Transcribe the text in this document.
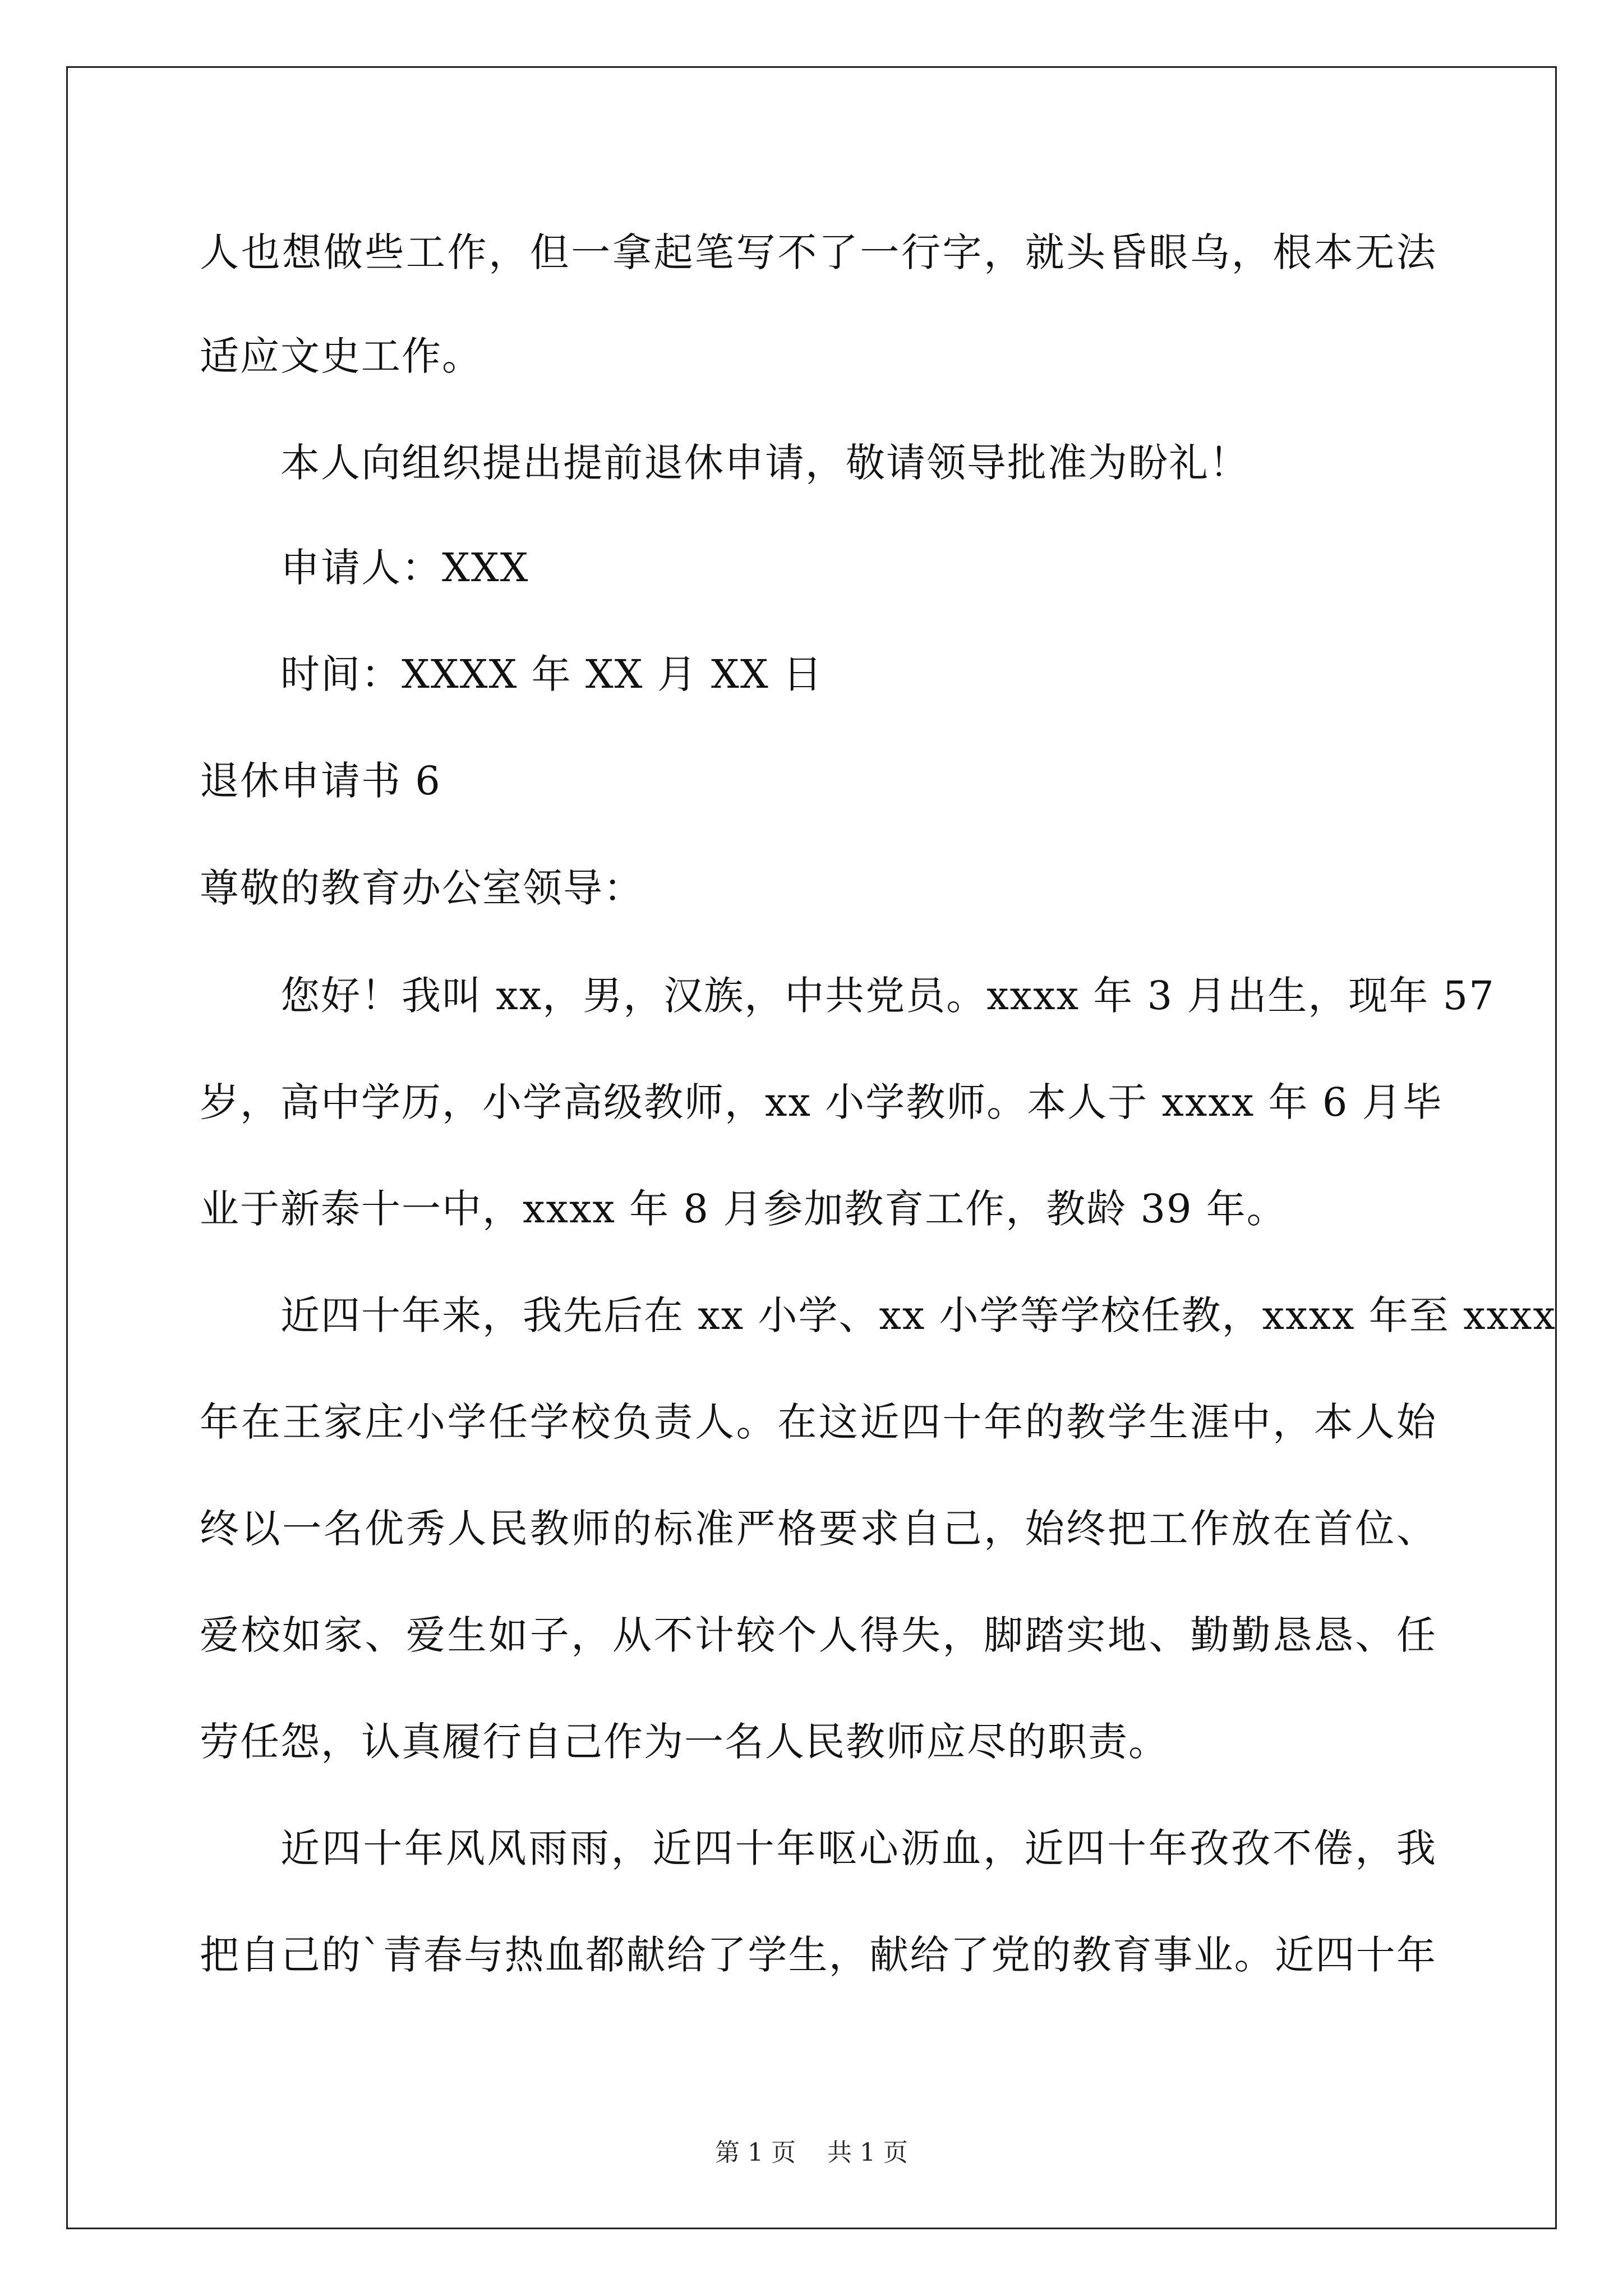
人也想做些工作，但一拿起笔写不了一行字，就头昏眼乌，根本无法
适应文史工作。
本人向组织提出提前退休申请，敬请领导批准为盼礼！
申请人：XXX
时间：XXXX 年 XX 月 XX 日
退休申请书 6
尊敬的教育办公室领导：
您好！我叫 xx，男，汉族，中共党员。xxxx 年 3 月出生，现年 57
岁，高中学历，小学高级教师，xx 小学教师。本人于 xxxx 年 6 月毕
业于新泰十一中，xxxx 年 8 月参加教育工作，教龄 39 年。
近四十年来，我先后在 xx 小学、xx 小学等学校任教，xxxx 年至 xxxx
年在王家庄小学任学校负责人。在这近四十年的教学生涯中，本人始
终以一名优秀人民教师的标准严格要求自己，始终把工作放在首位、
爱校如家、爱生如子，从不计较个人得失，脚踏实地、勤勤恳恳、任
劳任怨，认真履行自己作为一名人民教师应尽的职责。
近四十年风风雨雨，近四十年呕心沥血，近四十年孜孜不倦，我
把自己的`青春与热血都献给了学生，献给了党的教育事业。近四十年
第 1 页    共 1 页
